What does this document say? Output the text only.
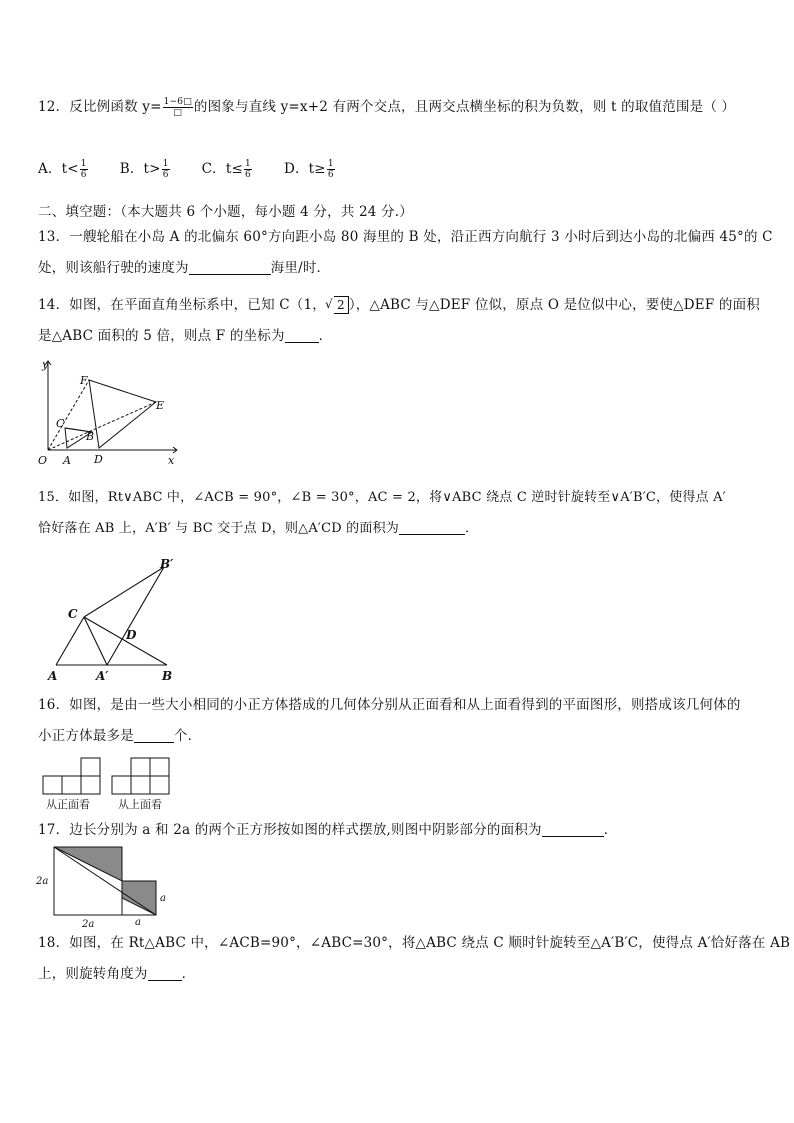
12．反比例函数 $y= \frac{1-6□}{□}$ 的图象与直线 y=x+2 有两个交点，且两交点横坐标的积为负数，则 t 的取值范围是（ ）
A．$t< \frac{1}{6}$ B．$t> \frac{1}{6}$ C．$t\le \frac{1}{6}$ D．$t\ge \frac{1}{6}$
二、填空题：（本大题共 6 个小题，每小题 4 分，共 24 分.）
13．一艘轮船在小岛 A 的北偏东 60°方向距小岛 80 海里的 B 处，沿正西方向航行 3 小时后到达小岛的北偏西 45°的 C
处，则该船行驶的速度为	海里/时．
14．如图，在平面直角坐标系中，已知 C（1，√ 2 ），△ABC 与△DEF 位似，原点 O 是位似中心，要使△DEF 的面积
是△ABC 面积的 5 倍，则点 F 的坐标为	．
y
x
O A
B
C
D
E
F
15．如图，Rt∨ABC 中，∠ACB = 90°，∠B = 30°，AC = 2，将∨ABC 绕点 C 逆时针旋转至∨A′B′C，使得点 A′
恰好落在 AB 上，A′B′ 与 BC 交于点 D，则△A′CD 的面积为	．
A	A′	B
B′
C
D
16．如图，是由一些大小相同的小正方体搭成的几何体分别从正面看和从上面看得到的平面图形，则搭成该几何体的
小正方体最多是	个．
从正面看	从上面看
17．边长分别为 a 和 2a 的两个正方形按如图的样式摆放,则图中阴影部分的面积为	．
2a
2a	a
a
18．如图，在 Rt△ABC 中，∠ACB=90°，∠ABC=30°，将△ABC 绕点 C 顺时针旋转至△A′B′C，使得点 A′恰好落在 AB
上，则旋转角度为	．
